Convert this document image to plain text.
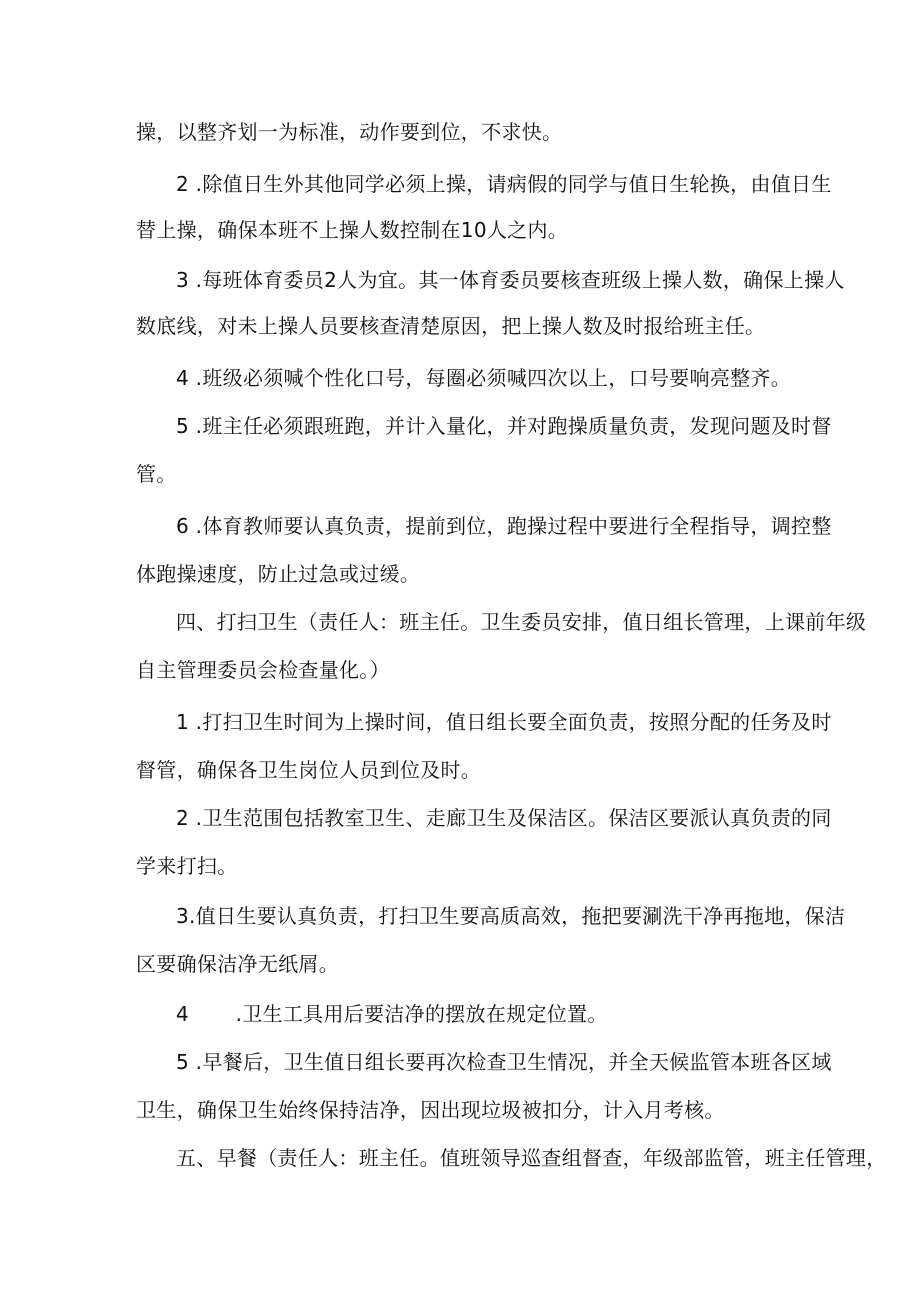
操，以整齐划一为标准，动作要到位，不求快。
2 .除值日生外其他同学必须上操，请病假的同学与值日生轮换，由值日生
替上操，确保本班不上操人数控制在10人之内。
3 .每班体育委员2人为宜。其一体育委员要核查班级上操人数，确保上操人
数底线，对未上操人员要核查清楚原因，把上操人数及时报给班主任。
4 .班级必须喊个性化口号，每圈必须喊四次以上，口号要响亮整齐。
5 .班主任必须跟班跑，并计入量化，并对跑操质量负责，发现问题及时督
管。
6 .体育教师要认真负责，提前到位，跑操过程中要进行全程指导，调控整
体跑操速度，防止过急或过缓。
四、打扫卫生（责任人：班主任。卫生委员安排，值日组长管理，上课前年级
自主管理委员会检查量化。）
1 .打扫卫生时间为上操时间，值日组长要全面负责，按照分配的任务及时
督管，确保各卫生岗位人员到位及时。
2 .卫生范围包括教室卫生、走廊卫生及保洁区。保洁区要派认真负责的同
学来打扫。
3.值日生要认真负责，打扫卫生要高质高效，拖把要涮洗干净再拖地，保洁
区要确保洁净无纸屑。
4       .卫生工具用后要洁净的摆放在规定位置。
5 .早餐后，卫生值日组长要再次检查卫生情况，并全天候监管本班各区域
卫生，确保卫生始终保持洁净，因出现垃圾被扣分，计入月考核。
五、早餐（责任人：班主任。值班领导巡查组督查，年级部监管，班主任管理，
